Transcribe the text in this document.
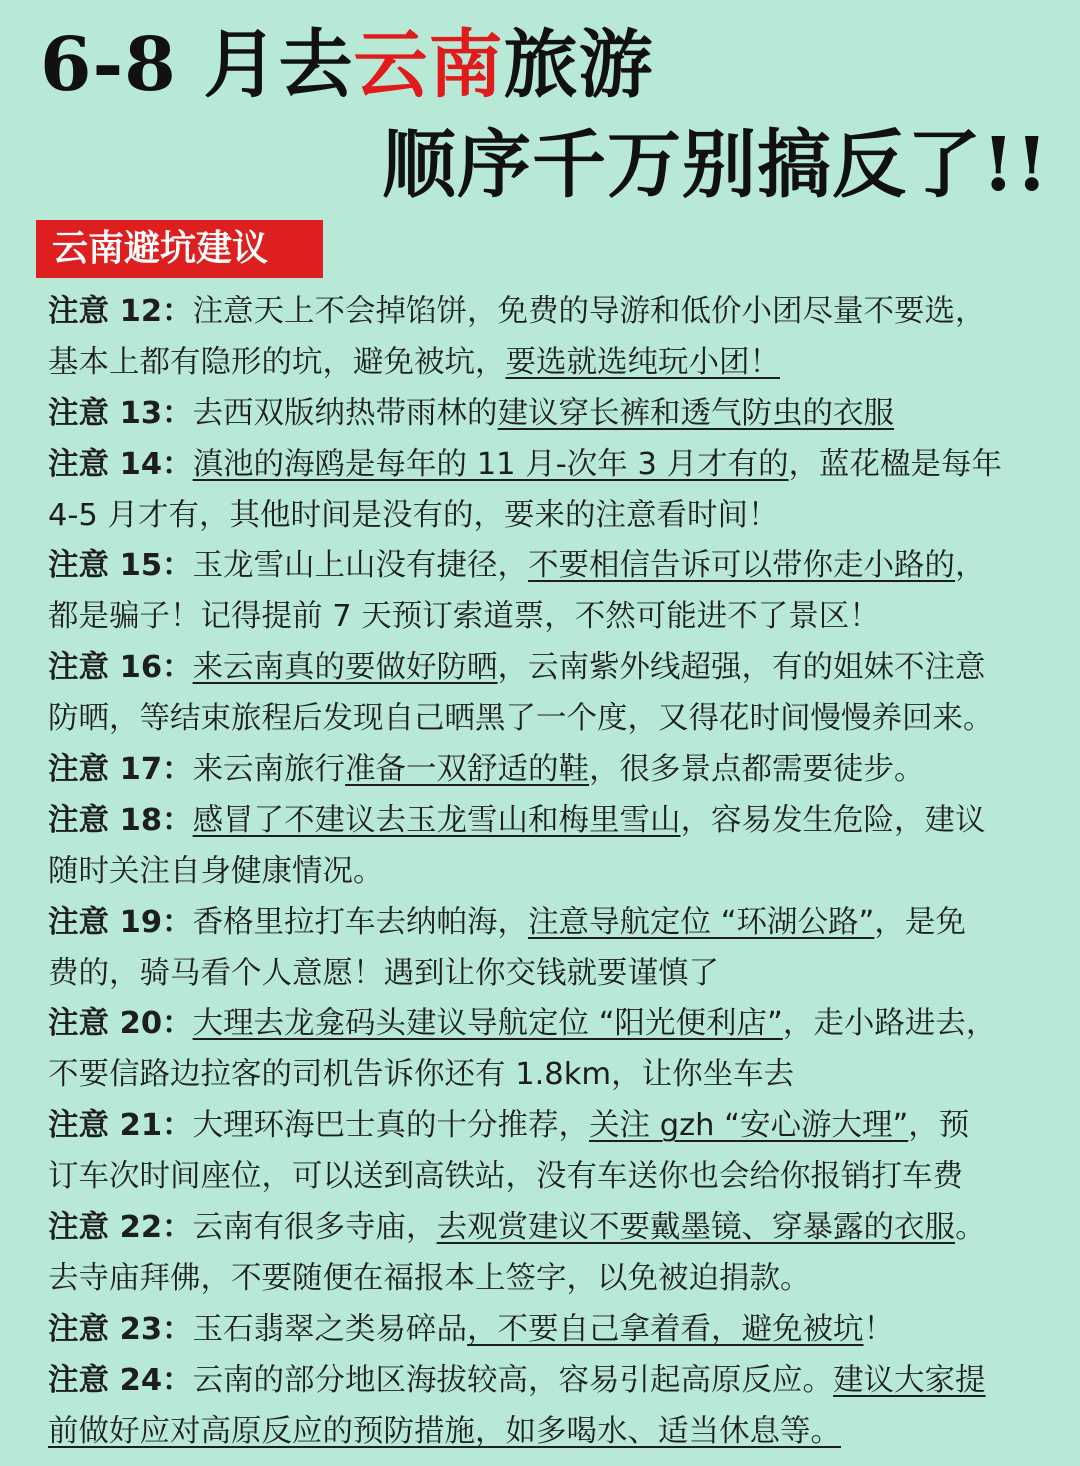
6-8 月去云南旅游
顺序千万别搞反了!!
云南避坑建议
注意 12：注意天上不会掉馅饼，免费的导游和低价小团尽量不要选，
基本上都有隐形的坑，避免被坑，要选就选纯玩小团！
注意 13：去西双版纳热带雨林的建议穿长裤和透气防虫的衣服
注意 14：滇池的海鸥是每年的 11 月-次年 3 月才有的，蓝花楹是每年
4-5 月才有，其他时间是没有的，要来的注意看时间！
注意 15：玉龙雪山上山没有捷径，不要相信告诉可以带你走小路的，
都是骗子！记得提前 7 天预订索道票，不然可能进不了景区！
注意 16：来云南真的要做好防晒，云南紫外线超强，有的姐妹不注意
防晒，等结束旅程后发现自己晒黑了一个度，又得花时间慢慢养回来。
注意 17：来云南旅行准备一双舒适的鞋，很多景点都需要徒步。
注意 18：感冒了不建议去玉龙雪山和梅里雪山，容易发生危险，建议
随时关注自身健康情况。
注意 19：香格里拉打车去纳帕海，注意导航定位 “环湖公路”，是免
费的，骑马看个人意愿！遇到让你交钱就要谨慎了
注意 20：大理去龙龛码头建议导航定位 “阳光便利店”，走小路进去，
不要信路边拉客的司机告诉你还有 1.8km，让你坐车去
注意 21：大理环海巴士真的十分推荐，关注 gzh “安心游大理”，预
订车次时间座位，可以送到高铁站，没有车送你也会给你报销打车费
注意 22：云南有很多寺庙，去观赏建议不要戴墨镜、穿暴露的衣服。
去寺庙拜佛，不要随便在福报本上签字，以免被迫捐款。
注意 23：玉石翡翠之类易碎品，不要自己拿着看，避免被坑！
注意 24：云南的部分地区海拔较高，容易引起高原反应。建议大家提
前做好应对高原反应的预防措施，如多喝水、适当休息等。
